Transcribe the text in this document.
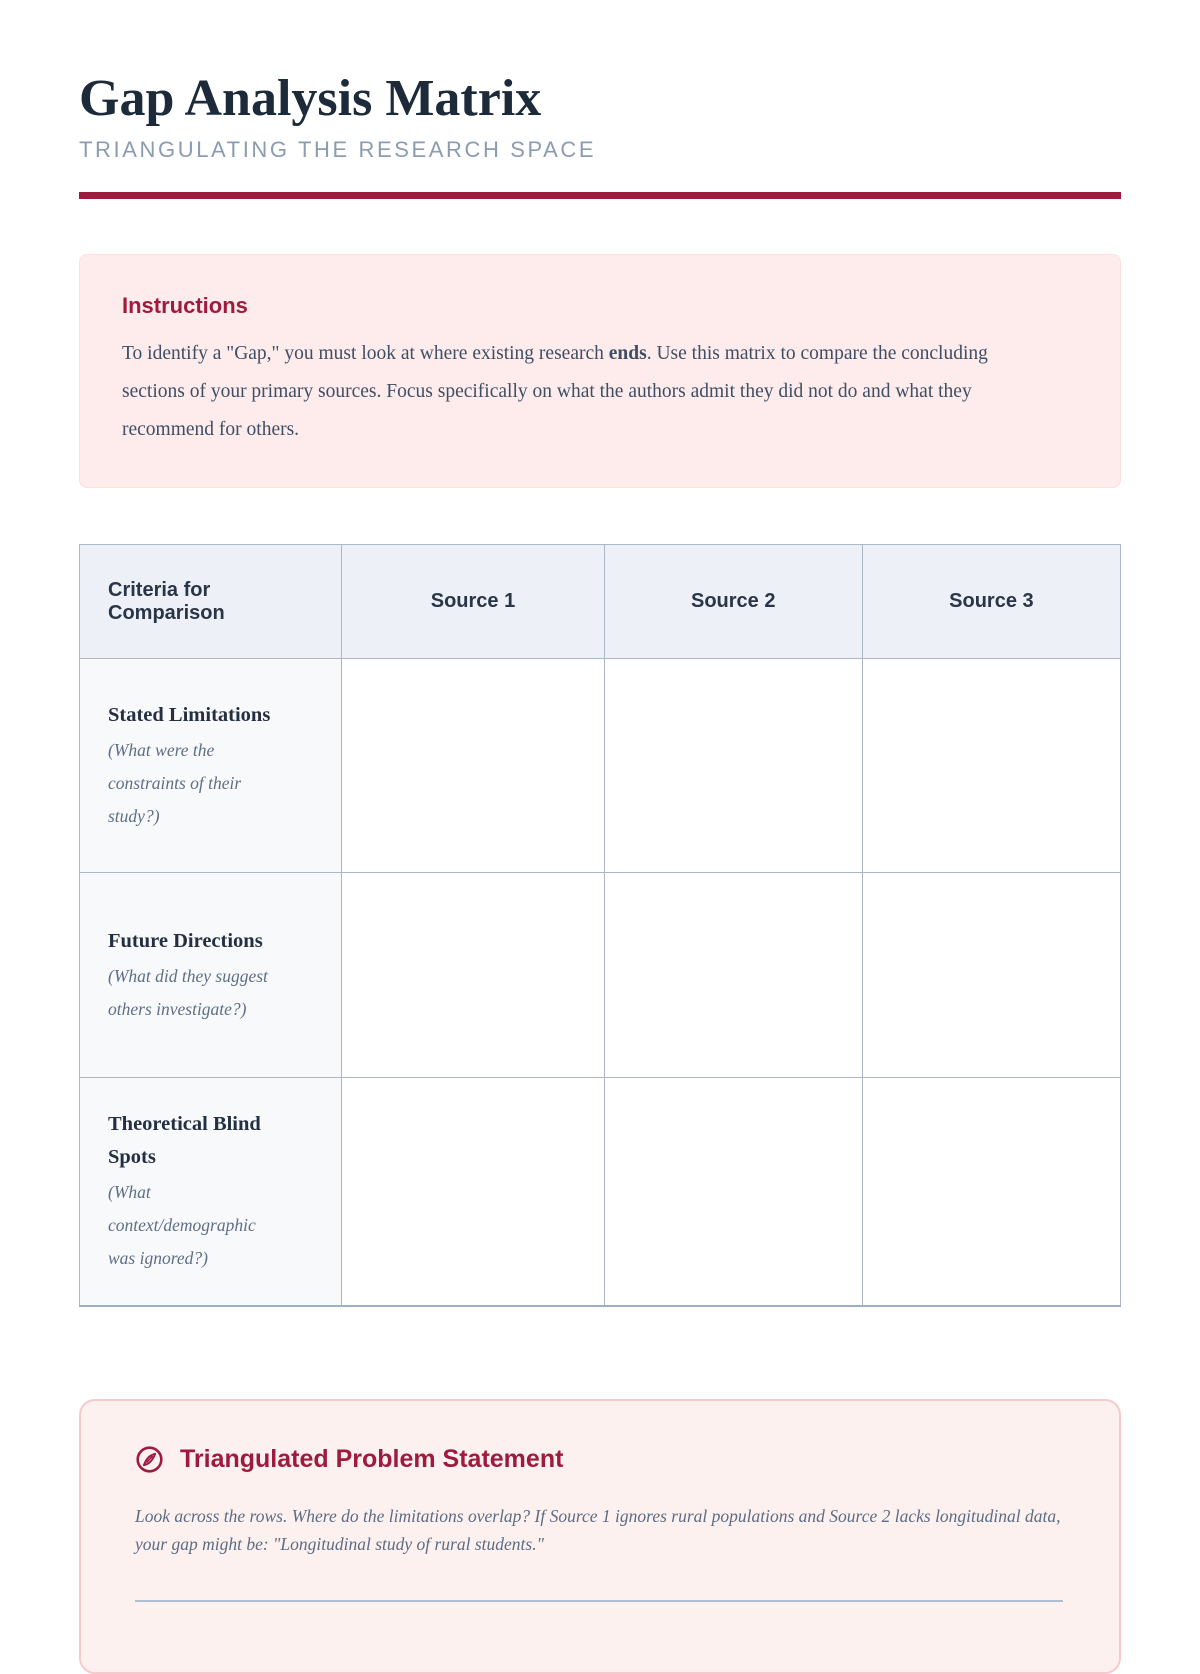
Gap Analysis Matrix
TRIANGULATING THE RESEARCH SPACE
Instructions

To identify a "Gap," you must look at where existing research ends. Use this matrix to compare the concluding sections of your primary sources. Focus specifically on what the authors admit they did not do and what they recommend for others.

Criteria for Comparison	Source 1	Source 2	Source 3

Stated Limitations
(What were the constraints of their study?)			

Future Directions
(What did they suggest others investigate?)			

Theoretical Blind Spots
(What context/demographic was ignored?)			

Triangulated Problem Statement

Look across the rows. Where do the limitations overlap? If Source 1 ignores rural populations and Source 2 lacks longitudinal data, your gap might be: "Longitudinal study of rural students."
